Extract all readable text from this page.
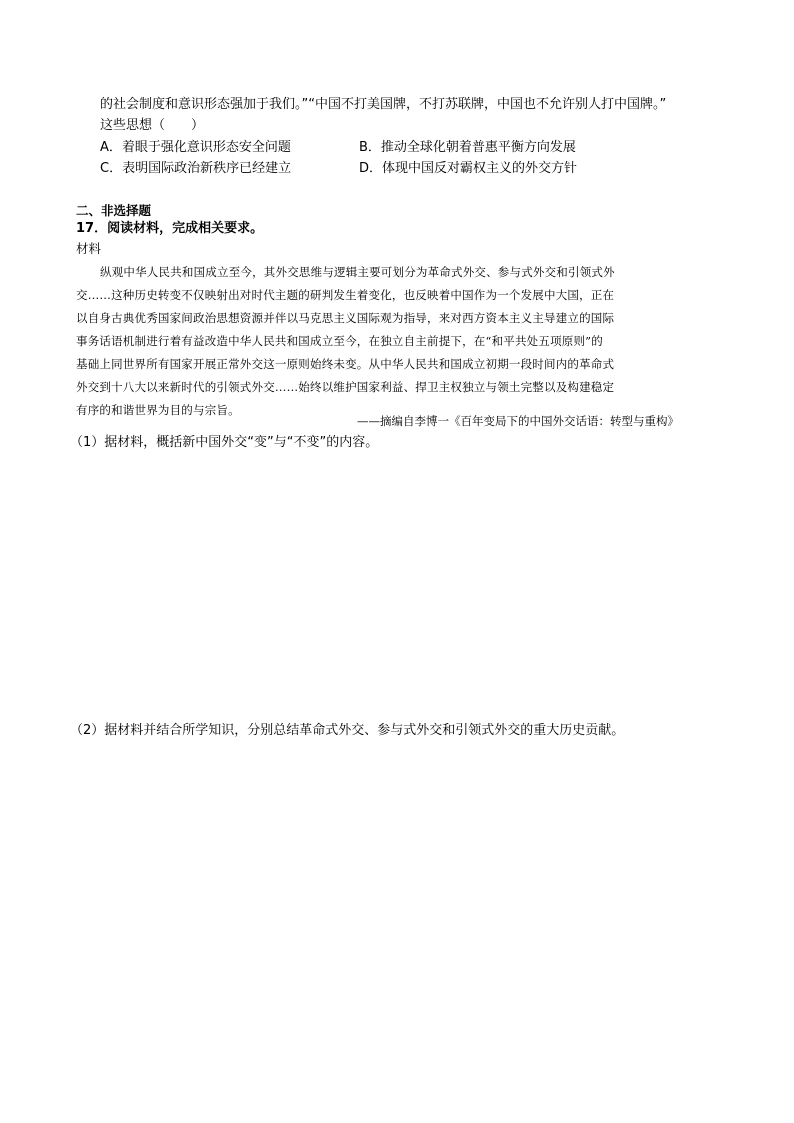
的社会制度和意识形态强加于我们。”“中国不打美国牌，不打苏联牌，中国也不允许别人打中国牌。”
这些思想（　　）
A．着眼于强化意识形态安全问题	B．推动全球化朝着普惠平衡方向发展
C．表明国际政治新秩序已经建立	D．体现中国反对霸权主义的外交方针
二、非选择题
17．阅读材料，完成相关要求。
材料
纵观中华人民共和国成立至今，其外交思维与逻辑主要可划分为革命式外交、参与式外交和引领式外
交……这种历史转变不仅映射出对时代主题的研判发生着变化，也反映着中国作为一个发展中大国，正在
以自身古典优秀国家间政治思想资源并伴以马克思主义国际观为指导，来对西方资本主义主导建立的国际
事务话语机制进行着有益改造中华人民共和国成立至今，在独立自主前提下，在“和平共处五项原则”的
基础上同世界所有国家开展正常外交这一原则始终未变。从中华人民共和国成立初期一段时间内的革命式
外交到十八大以来新时代的引领式外交……始终以维护国家利益、捍卫主权独立与领土完整以及构建稳定
有序的和谐世界为目的与宗旨。
——摘编自李博一《百年变局下的中国外交话语：转型与重构》
（1）据材料，概括新中国外交“变”与“不变”的内容。
（2）据材料并结合所学知识，分别总结革命式外交、参与式外交和引领式外交的重大历史贡献。
